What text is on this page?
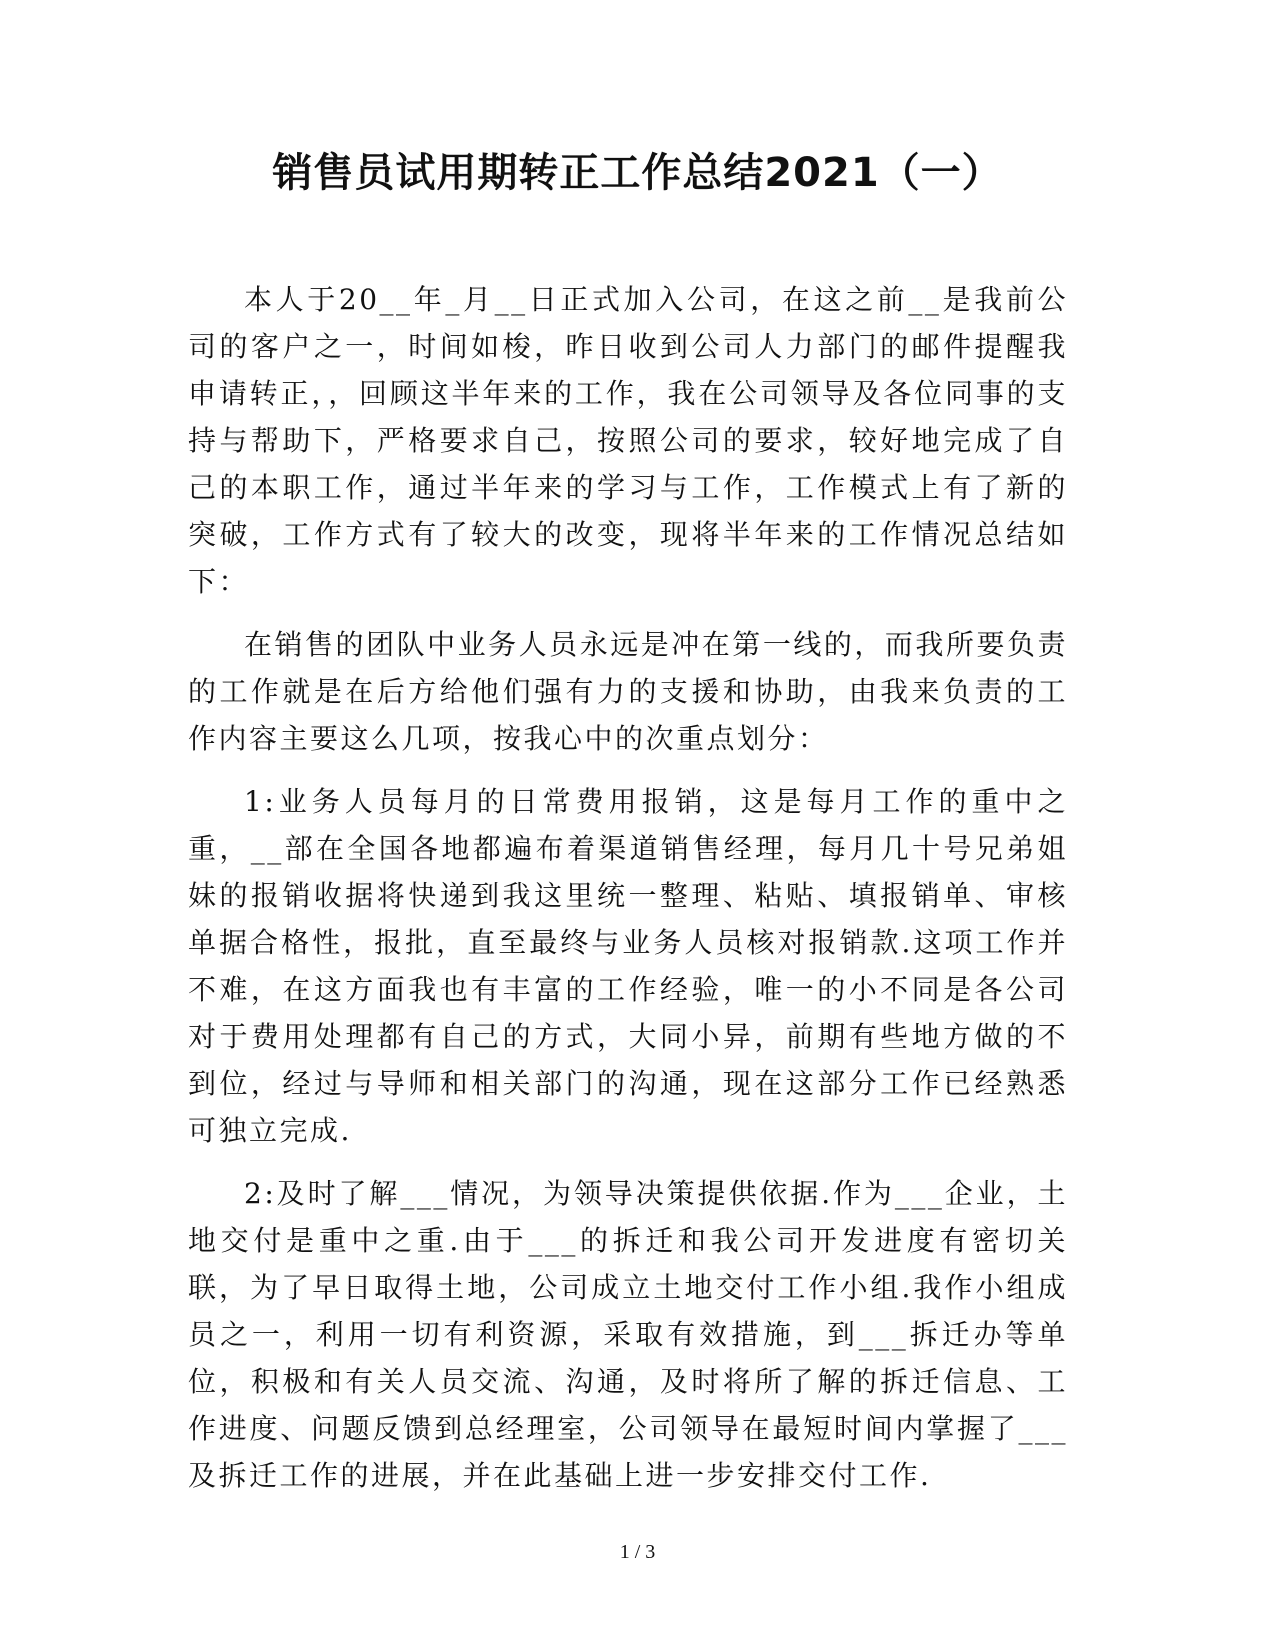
销售员试用期转正工作总结2021（一）

本人于20__年_月__日正式加入公司，在这之前__是我前公司的客户之一，时间如梭，昨日收到公司人力部门的邮件提醒我申请转正，，回顾这半年来的工作，我在公司领导及各位同事的支持与帮助下，严格要求自己，按照公司的要求，较好地完成了自己的本职工作，通过半年来的学习与工作，工作模式上有了新的突破，工作方式有了较大的改变，现将半年来的工作情况总结如下：

在销售的团队中业务人员永远是冲在第一线的，而我所要负责的工作就是在后方给他们强有力的支援和协助，由我来负责的工作内容主要这么几项，按我心中的次重点划分：

1:业务人员每月的日常费用报销，这是每月工作的重中之重，__部在全国各地都遍布着渠道销售经理，每月几十号兄弟姐妹的报销收据将快递到我这里统一整理、粘贴、填报销单、审核单据合格性，报批，直至最终与业务人员核对报销款.这项工作并不难，在这方面我也有丰富的工作经验，唯一的小不同是各公司对于费用处理都有自己的方式，大同小异，前期有些地方做的不到位，经过与导师和相关部门的沟通，现在这部分工作已经熟悉可独立完成.

2:及时了解___情况，为领导决策提供依据.作为___企业，土地交付是重中之重.由于___的拆迁和我公司开发进度有密切关联，为了早日取得土地，公司成立土地交付工作小组.我作小组成员之一，利用一切有利资源，采取有效措施，到___拆迁办等单位，积极和有关人员交流、沟通，及时将所了解的拆迁信息、工作进度、问题反馈到总经理室，公司领导在最短时间内掌握了___及拆迁工作的进展，并在此基础上进一步安排交付工作.

1 / 3
